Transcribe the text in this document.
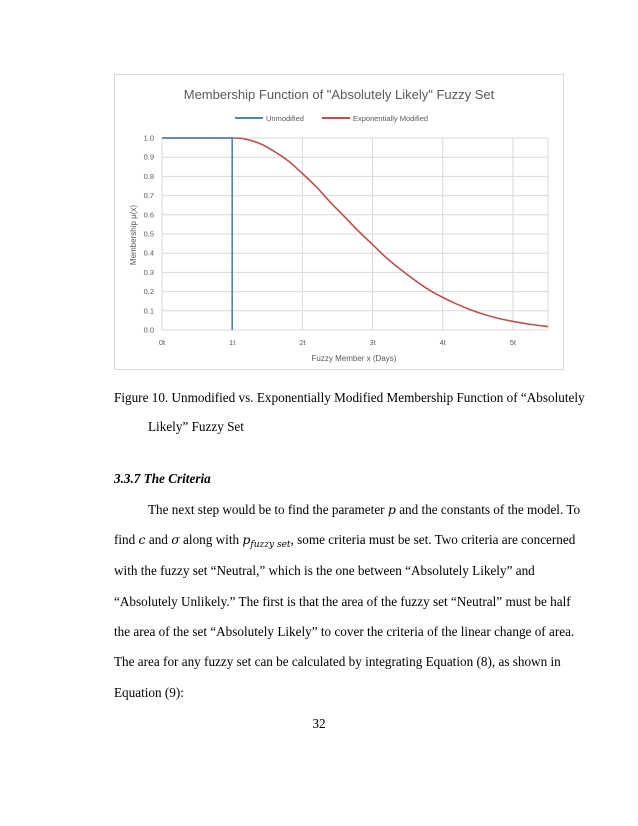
0.0
0.1
0.2
0.3
0.4
0.5
0.6
0.7
0.8
0.9
1.0
0t	1t	2t	3t	4t	5t
Membership Function of "Absolutely Likely" Fuzzy Set
Unmodified	Exponentially Modified
Fuzzy Member x (Days)
Membership μ(x)

Figure 10. Unmodified vs. Exponentially Modified Membership Function of “Absolutely

Likely” Fuzzy Set

3.3.7 The Criteria

The next step would be to find the parameter p and the constants of the model. To

find c and σ along with $p_{fuzzy set}$, some criteria must be set. Two criteria are concerned

with the fuzzy set “Neutral,” which is the one between “Absolutely Likely” and

“Absolutely Unlikely.” The first is that the area of the fuzzy set “Neutral” must be half

the area of the set “Absolutely Likely” to cover the criteria of the linear change of area.

The area for any fuzzy set can be calculated by integrating Equation (8), as shown in

Equation (9):

32
